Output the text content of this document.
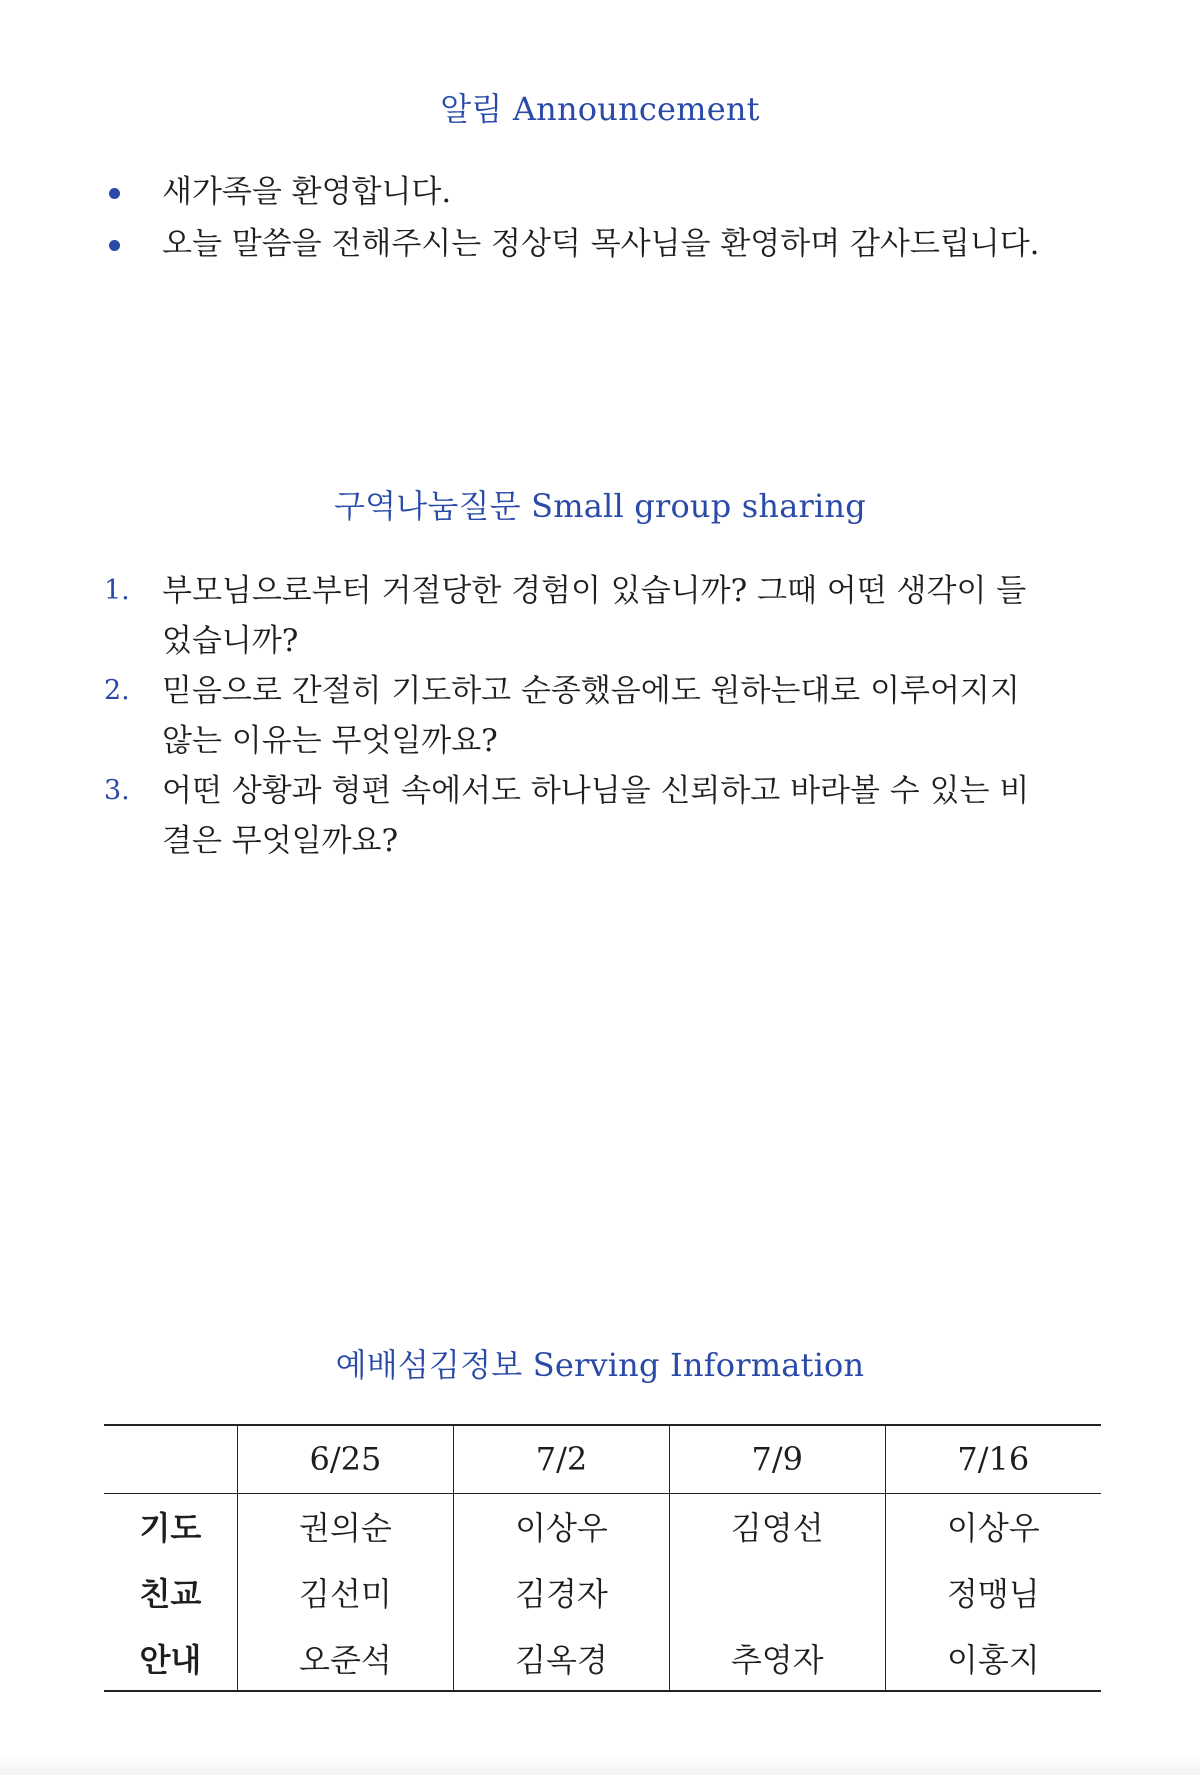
알림 Announcement
새가족을 환영합니다.
오늘 말씀을 전해주시는 정상덕 목사님을 환영하며 감사드립니다.
구역나눔질문 Small group sharing
1. 부모님으로부터 거절당한 경험이 있습니까? 그때 어떤 생각이 들었습니까?
2. 믿음으로 간절히 기도하고 순종했음에도 원하는대로 이루어지지 않는 이유는 무엇일까요?
3. 어떤 상황과 형편 속에서도 하나님을 신뢰하고 바라볼 수 있는 비결은 무엇일까요?
예배섬김정보 Serving Information
	6/25	7/2	7/9	7/16
기도	권의순	이상우	김영선	이상우
친교	김선미	김경자		정맹님
안내	오준석	김옥경	추영자	이홍지
